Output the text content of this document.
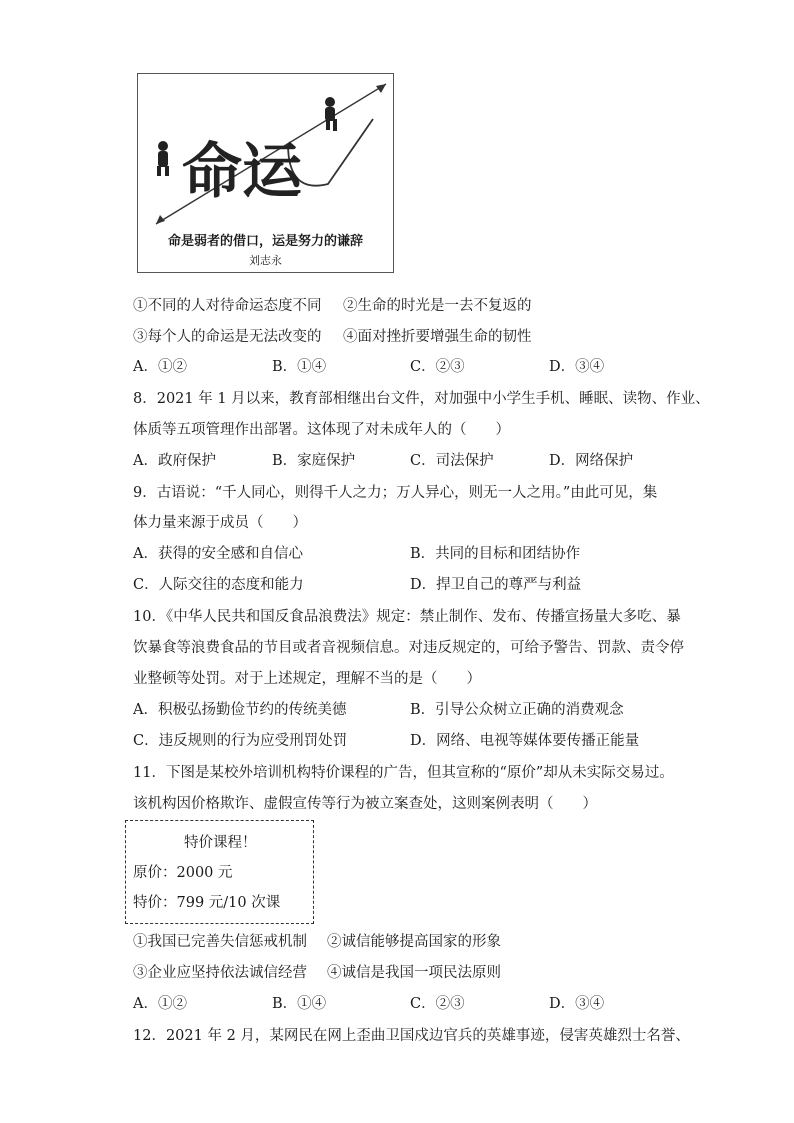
命运
命是弱者的借口，运是努力的谦辞
刘志永
①不同的人对待命运态度不同 ②生命的时光是一去不复返的
③每个人的命运是无法改变的 ④面对挫折要增强生命的韧性
A．①②	B．①④	C．②③	D．③④
8．2021 年 1 月以来，教育部相继出台文件，对加强中小学生手机、睡眠、读物、作业、
体质等五项管理作出部署。这体现了对未成年人的（　　）
A．政府保护	B．家庭保护	C．司法保护	D．网络保护
9．古语说：“千人同心，则得千人之力；万人异心，则无一人之用。”由此可见，集
体力量来源于成员（　　）
A．获得的安全感和自信心	B．共同的目标和团结协作
C．人际交往的态度和能力	D．捍卫自己的尊严与利益
10．《中华人民共和国反食品浪费法》规定：禁止制作、发布、传播宣扬量大多吃、暴
饮暴食等浪费食品的节目或者音视频信息。对违反规定的，可给予警告、罚款、责令停
业整顿等处罚。对于上述规定，理解不当的是（　　）
A．积极弘扬勤俭节约的传统美德	B．引导公众树立正确的消费观念
C．违反规则的行为应受刑罚处罚	D．网络、电视等媒体要传播正能量
11．下图是某校外培训机构特价课程的广告，但其宣称的“原价”却从未实际交易过。
该机构因价格欺诈、虚假宣传等行为被立案查处，这则案例表明（　　）
特价课程！
原价：2000 元
特价：799 元/10 次课
①我国已完善失信惩戒机制 ②诚信能够提高国家的形象
③企业应坚持依法诚信经营 ④诚信是我国一项民法原则
A．①②	B．①④	C．②③	D．③④
12．2021 年 2 月，某网民在网上歪曲卫国戍边官兵的英雄事迹，侵害英雄烈士名誉、
